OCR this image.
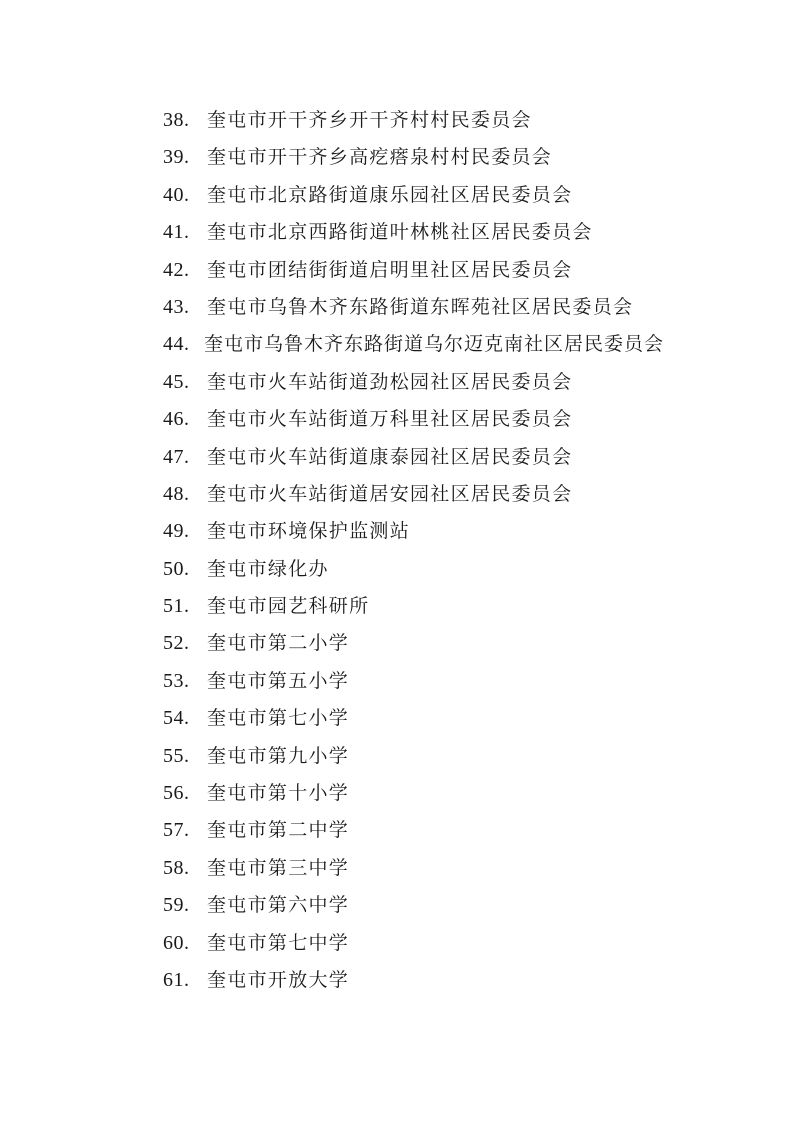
38. 奎屯市开干齐乡开干齐村村民委员会
39. 奎屯市开干齐乡高疙瘩泉村村民委员会
40. 奎屯市北京路街道康乐园社区居民委员会
41. 奎屯市北京西路街道叶林桃社区居民委员会
42. 奎屯市团结街街道启明里社区居民委员会
43. 奎屯市乌鲁木齐东路街道东晖苑社区居民委员会
44. 奎屯市乌鲁木齐东路街道乌尔迈克南社区居民委员会
45. 奎屯市火车站街道劲松园社区居民委员会
46. 奎屯市火车站街道万科里社区居民委员会
47. 奎屯市火车站街道康泰园社区居民委员会
48. 奎屯市火车站街道居安园社区居民委员会
49. 奎屯市环境保护监测站
50. 奎屯市绿化办
51. 奎屯市园艺科研所
52. 奎屯市第二小学
53. 奎屯市第五小学
54. 奎屯市第七小学
55. 奎屯市第九小学
56. 奎屯市第十小学
57. 奎屯市第二中学
58. 奎屯市第三中学
59. 奎屯市第六中学
60. 奎屯市第七中学
61. 奎屯市开放大学
